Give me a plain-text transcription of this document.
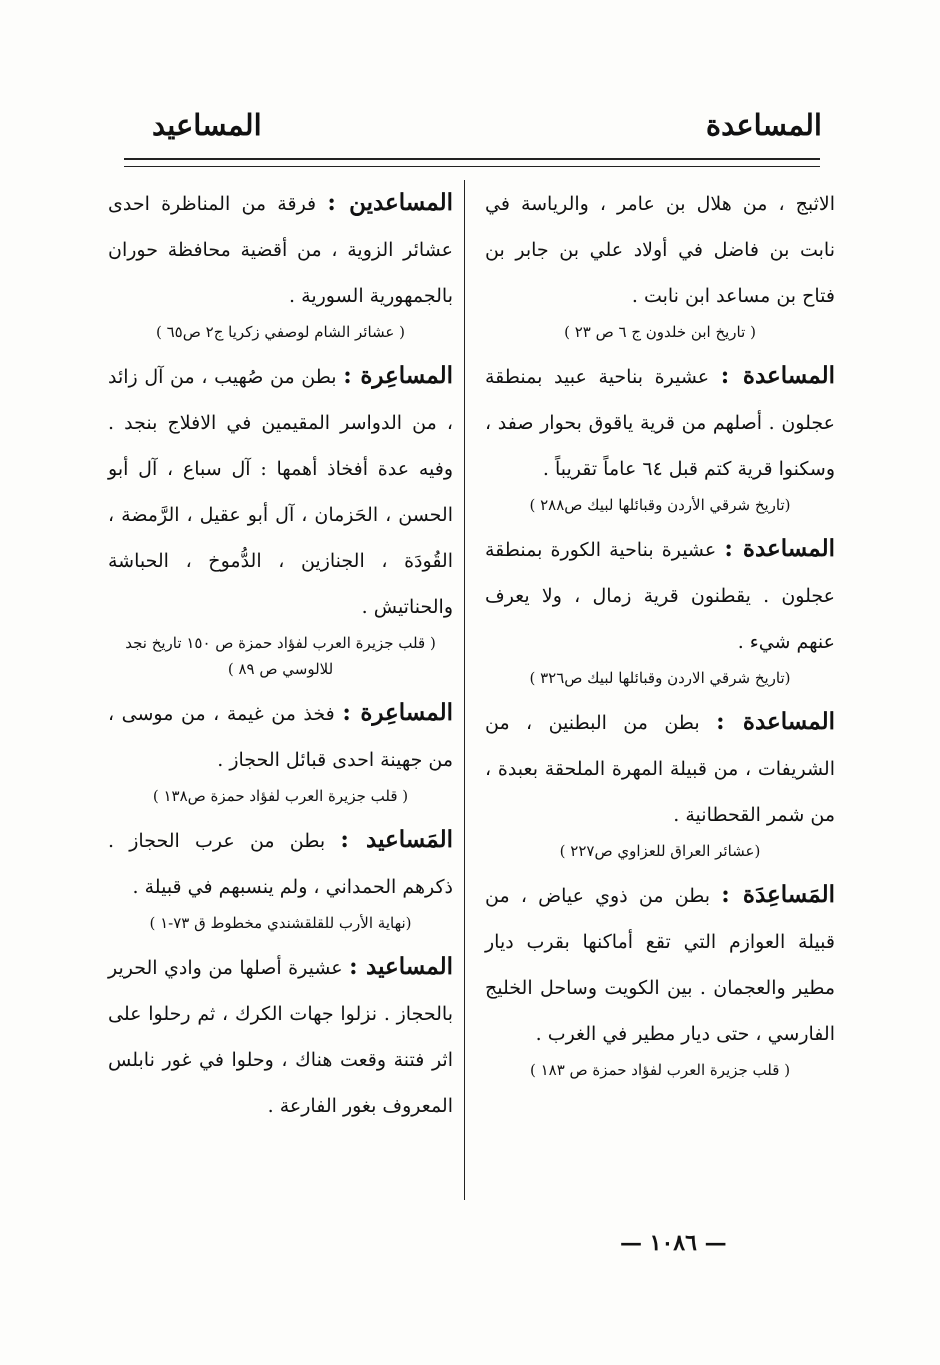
المساعدة
المساعيد

الاثبج ، من هلال بن عامر ، والرياسة في نابت بن فاضل في أولاد علي بن جابر بن فتاح بن مساعد ابن نابت .

( تاريخ ابن خلدون ج ٦ ص ٢٣ )

المساعدة : عشيرة بناحية عبيد بمنطقة عجلون . أصلهم من قرية ياقوق بحوار صفد ، وسكنوا قرية كتم قبل ٦٤ عاماً تقريباً .

(تاريخ شرقي الأردن وقبائلها لبيك ص٢٨٨ )

المساعدة : عشيرة بناحية الكورة بمنطقة عجلون . يقطنون قرية زمال ، ولا يعرف عنهم شيء .

(تاريخ شرقي الاردن وقبائلها لبيك ص٣٢٦ )

المساعدة : بطن من البطنين ، من الشريفات ، من قبيلة المهرة الملحقة بعبدة ، من شمر القحطانية .

(عشائر العراق للعزاوي ص٢٢٧ )

المَساعِدَة : بطن من ذوي عياض ، من قبيلة العوازم التي تقع أماكنها بقرب ديار مطير والعجمان . بين الكويت وساحل الخليج الفارسي ، حتى ديار مطير في الغرب .

( قلب جزيرة العرب لفؤاد حمزة ص ١٨٣ )

المساعدين : فرقة من المناظرة احدى عشائر الزوية ، من أقضية محافظة حوران بالجمهورية السورية .

( عشائر الشام لوصفي زكريا ج٢ ص٦٥ )

المساعِرة : بطن من صُهيب ، من آل زائد ، من الدواسر المقيمين في الافلاج بنجد . وفيه عدة أفخاذ أهمها : آل سباع ، آل أبو الحسن ، الحَزمان ، آل أبو عقيل ، الرَّمضة ، القُودَة ، الجنازين ، الدُّموخ ، الحباشة والحناتيش .

( قلب جزيرة العرب لفؤاد حمزة ص ١٥٠ تاريخ نجد للالوسي ص ٨٩ )

المساعِرة : فخذ من غيمة ، من موسى ، من جهينة احدى قبائل الحجاز .

( قلب جزيرة العرب لفؤاد حمزة ص١٣٨ )

المَساعيد : بطن من عرب الحجاز . ذكرهم الحمداني ، ولم ينسبهم في قبيلة .

(نهاية الأرب للقلقشندي مخطوط ق ٧٣-١ )

المساعيد : عشيرة أصلها من وادي الحرير بالحجاز . نزلوا جهات الكرك ، ثم رحلوا على اثر فتنة وقعت هناك ، وحلوا في غور نابلس المعروف بغور الفارعة .

— ١٠٨٦ —
